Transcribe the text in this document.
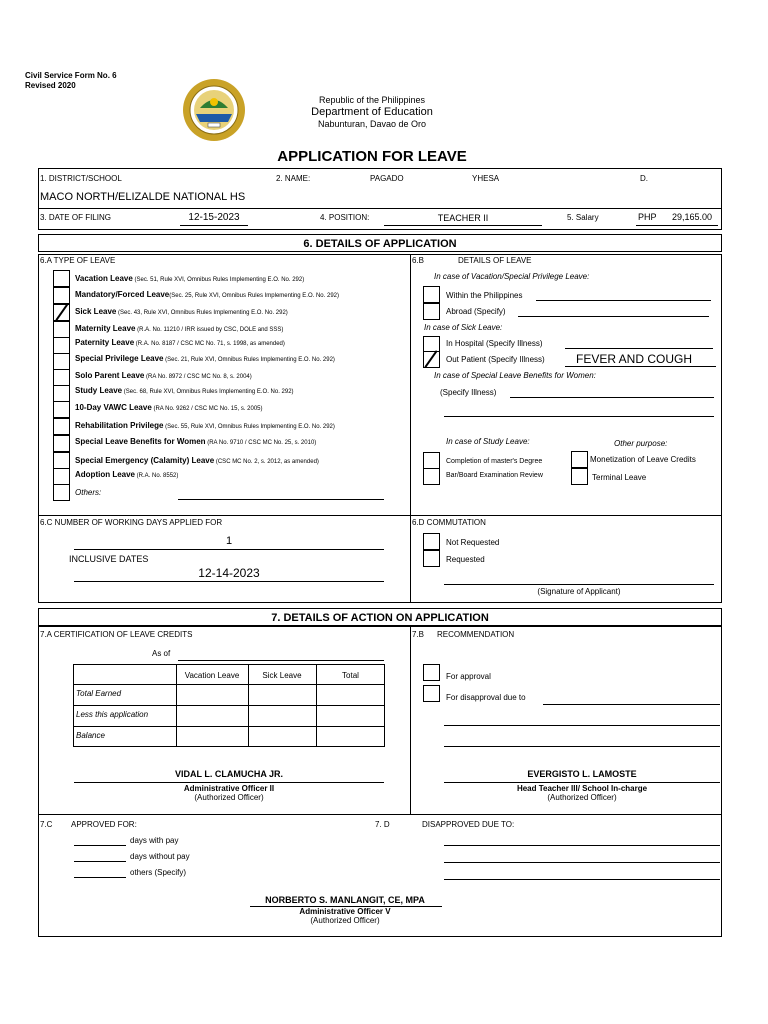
Civil Service Form No. 6
Revised 2020
Republic of the Philippines
Department of Education
Nabunturan, Davao de Oro
APPLICATION FOR LEAVE
1. DISTRICT/SCHOOL
MACO NORTH/ELIZALDE NATIONAL HS
2. NAME:	PAGADO	YHESA	D.
3. DATE OF FILING	12-15-2023	4. POSITION:	TEACHER II	5. Salary	PHP 29,165.00
6. DETAILS OF APPLICATION
6.A TYPE OF LEAVE
Vacation Leave (Sec. 51, Rule XVI, Omnibus Rules Implementing E.O. No. 292)
Mandatory/Forced Leave(Sec. 25, Rule XVI, Omnibus Rules Implementing E.O. No. 292)
Sick Leave (Sec. 43, Rule XVI, Omnibus Rules Implementing E.O. No. 292)
Maternity Leave (R.A. No. 11210 / IRR issued by CSC, DOLE and SSS)
Paternity Leave (R.A. No. 8187 / CSC MC No. 71, s. 1998, as amended)
Special Privilege Leave (Sec. 21, Rule XVI, Omnibus Rules Implementing E.O. No. 292)
Solo Parent Leave (RA No. 8972 / CSC MC No. 8, s. 2004)
Study Leave (Sec. 68, Rule XVI, Omnibus Rules Implementing E.O. No. 292)
10-Day VAWC Leave (RA No. 9262 / CSC MC No. 15, s. 2005)
Rehabilitation Privilege (Sec. 55, Rule XVI, Omnibus Rules Implementing E.O. No. 292)
Special Leave Benefits for Women (RA No. 9710 / CSC MC No. 25, s. 2010)
Special Emergency (Calamity) Leave (CSC MC No. 2, s. 2012, as amended)
Adoption Leave (R.A. No. 8552)
Others:
6.B	DETAILS OF LEAVE
In case of Vacation/Special Privilege Leave:
Within the Philippines
Abroad (Specify)
In case of Sick Leave:
In Hospital (Specify Illness)
Out Patient (Specify Illness)	FEVER AND COUGH
In case of Special Leave Benefits for Women:
(Specify Illness)
In case of Study Leave:	Other purpose:
Completion of master's Degree	Monetization of Leave Credits
Bar/Board Examination Review	Terminal Leave
6.C NUMBER OF WORKING DAYS APPLIED FOR
1
INCLUSIVE DATES
12-14-2023
6.D COMMUTATION
Not Requested
Requested
(Signature of Applicant)
7. DETAILS OF ACTION ON APPLICATION
7.A CERTIFICATION OF LEAVE CREDITS
As of
Vacation Leave	Sick Leave	Total
Total Earned
Less this application
Balance
VIDAL L. CLAMUCHA JR.
Administrative Officer II
(Authorized Officer)
7.B RECOMMENDATION
For approval
For disapproval due to
EVERGISTO L. LAMOSTE
Head Teacher III/ School In-charge
(Authorized Officer)
7.C APPROVED FOR:
days with pay
days without pay
others (Specify)
7. D	DISAPPROVED DUE TO:
NORBERTO S. MANLANGIT, CE, MPA
Administrative Officer V
(Authorized Officer)
